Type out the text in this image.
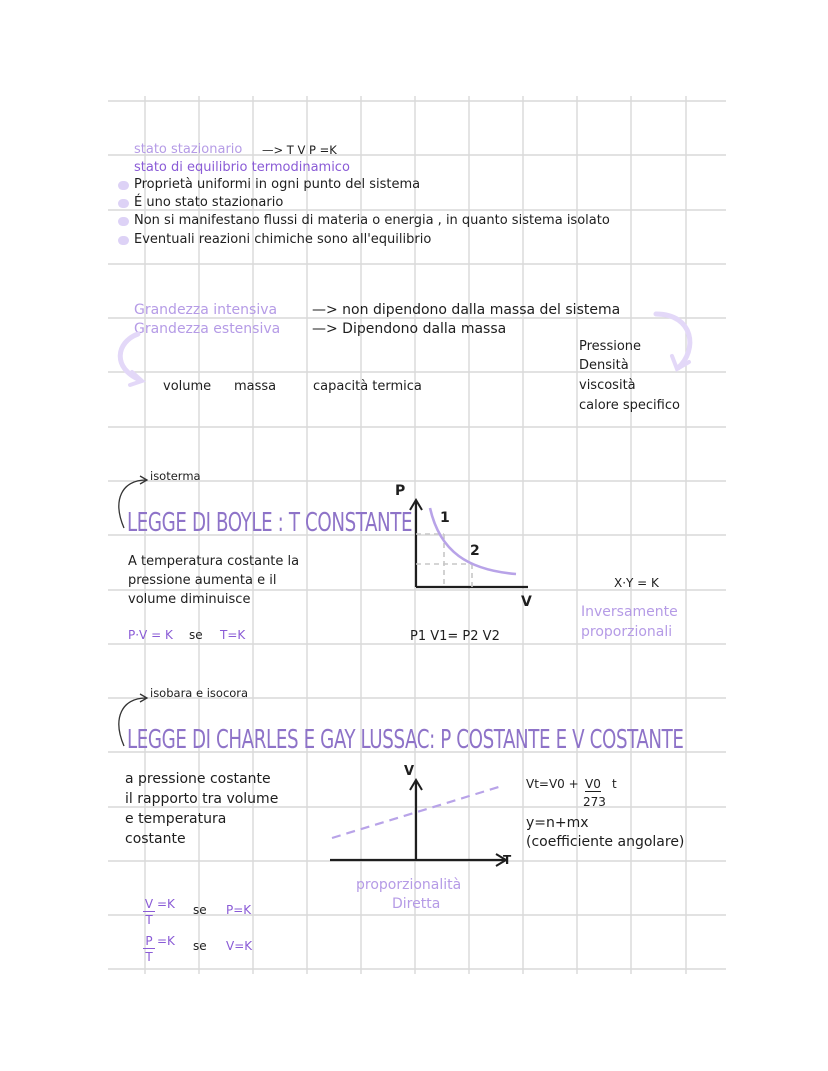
stato stazionario —> T V P =K
stato di equilibrio termodinamico
Proprietà uniformi in ogni punto del sistema
É uno stato stazionario
Non si manifestano flussi di materia o energia , in quanto sistema isolato
Eventuali reazioni chimiche sono all'equilibrio
Grandezza intensiva —> non dipendono dalla massa del sistema
Grandezza estensiva —> Dipendono dalla massa
volume massa	capacità termica
Pressione
Densità
viscosità
calore specifico
isoterma
LEGGE DI BOYLE : T CONSTANTE
A temperatura costante la
pressione aumenta e il
volume diminuisce
P·V = K se T=K
P
V
1
2
P1 V1= P2 V2
X·Y = K
Inversamente
proporzionali
isobara e isocora
LEGGE DI CHARLES E GAY LUSSAC: P COSTANTE E V COSTANTE
a pressione costante
il rapporto tra volume
e temperatura
costante
V
T
proporzionalità
Diretta
Vt=V0 + V0 t
273
y=n+mx
(coefficiente angolare)
V
T
=K se P=K
P
T
=K se V=K
